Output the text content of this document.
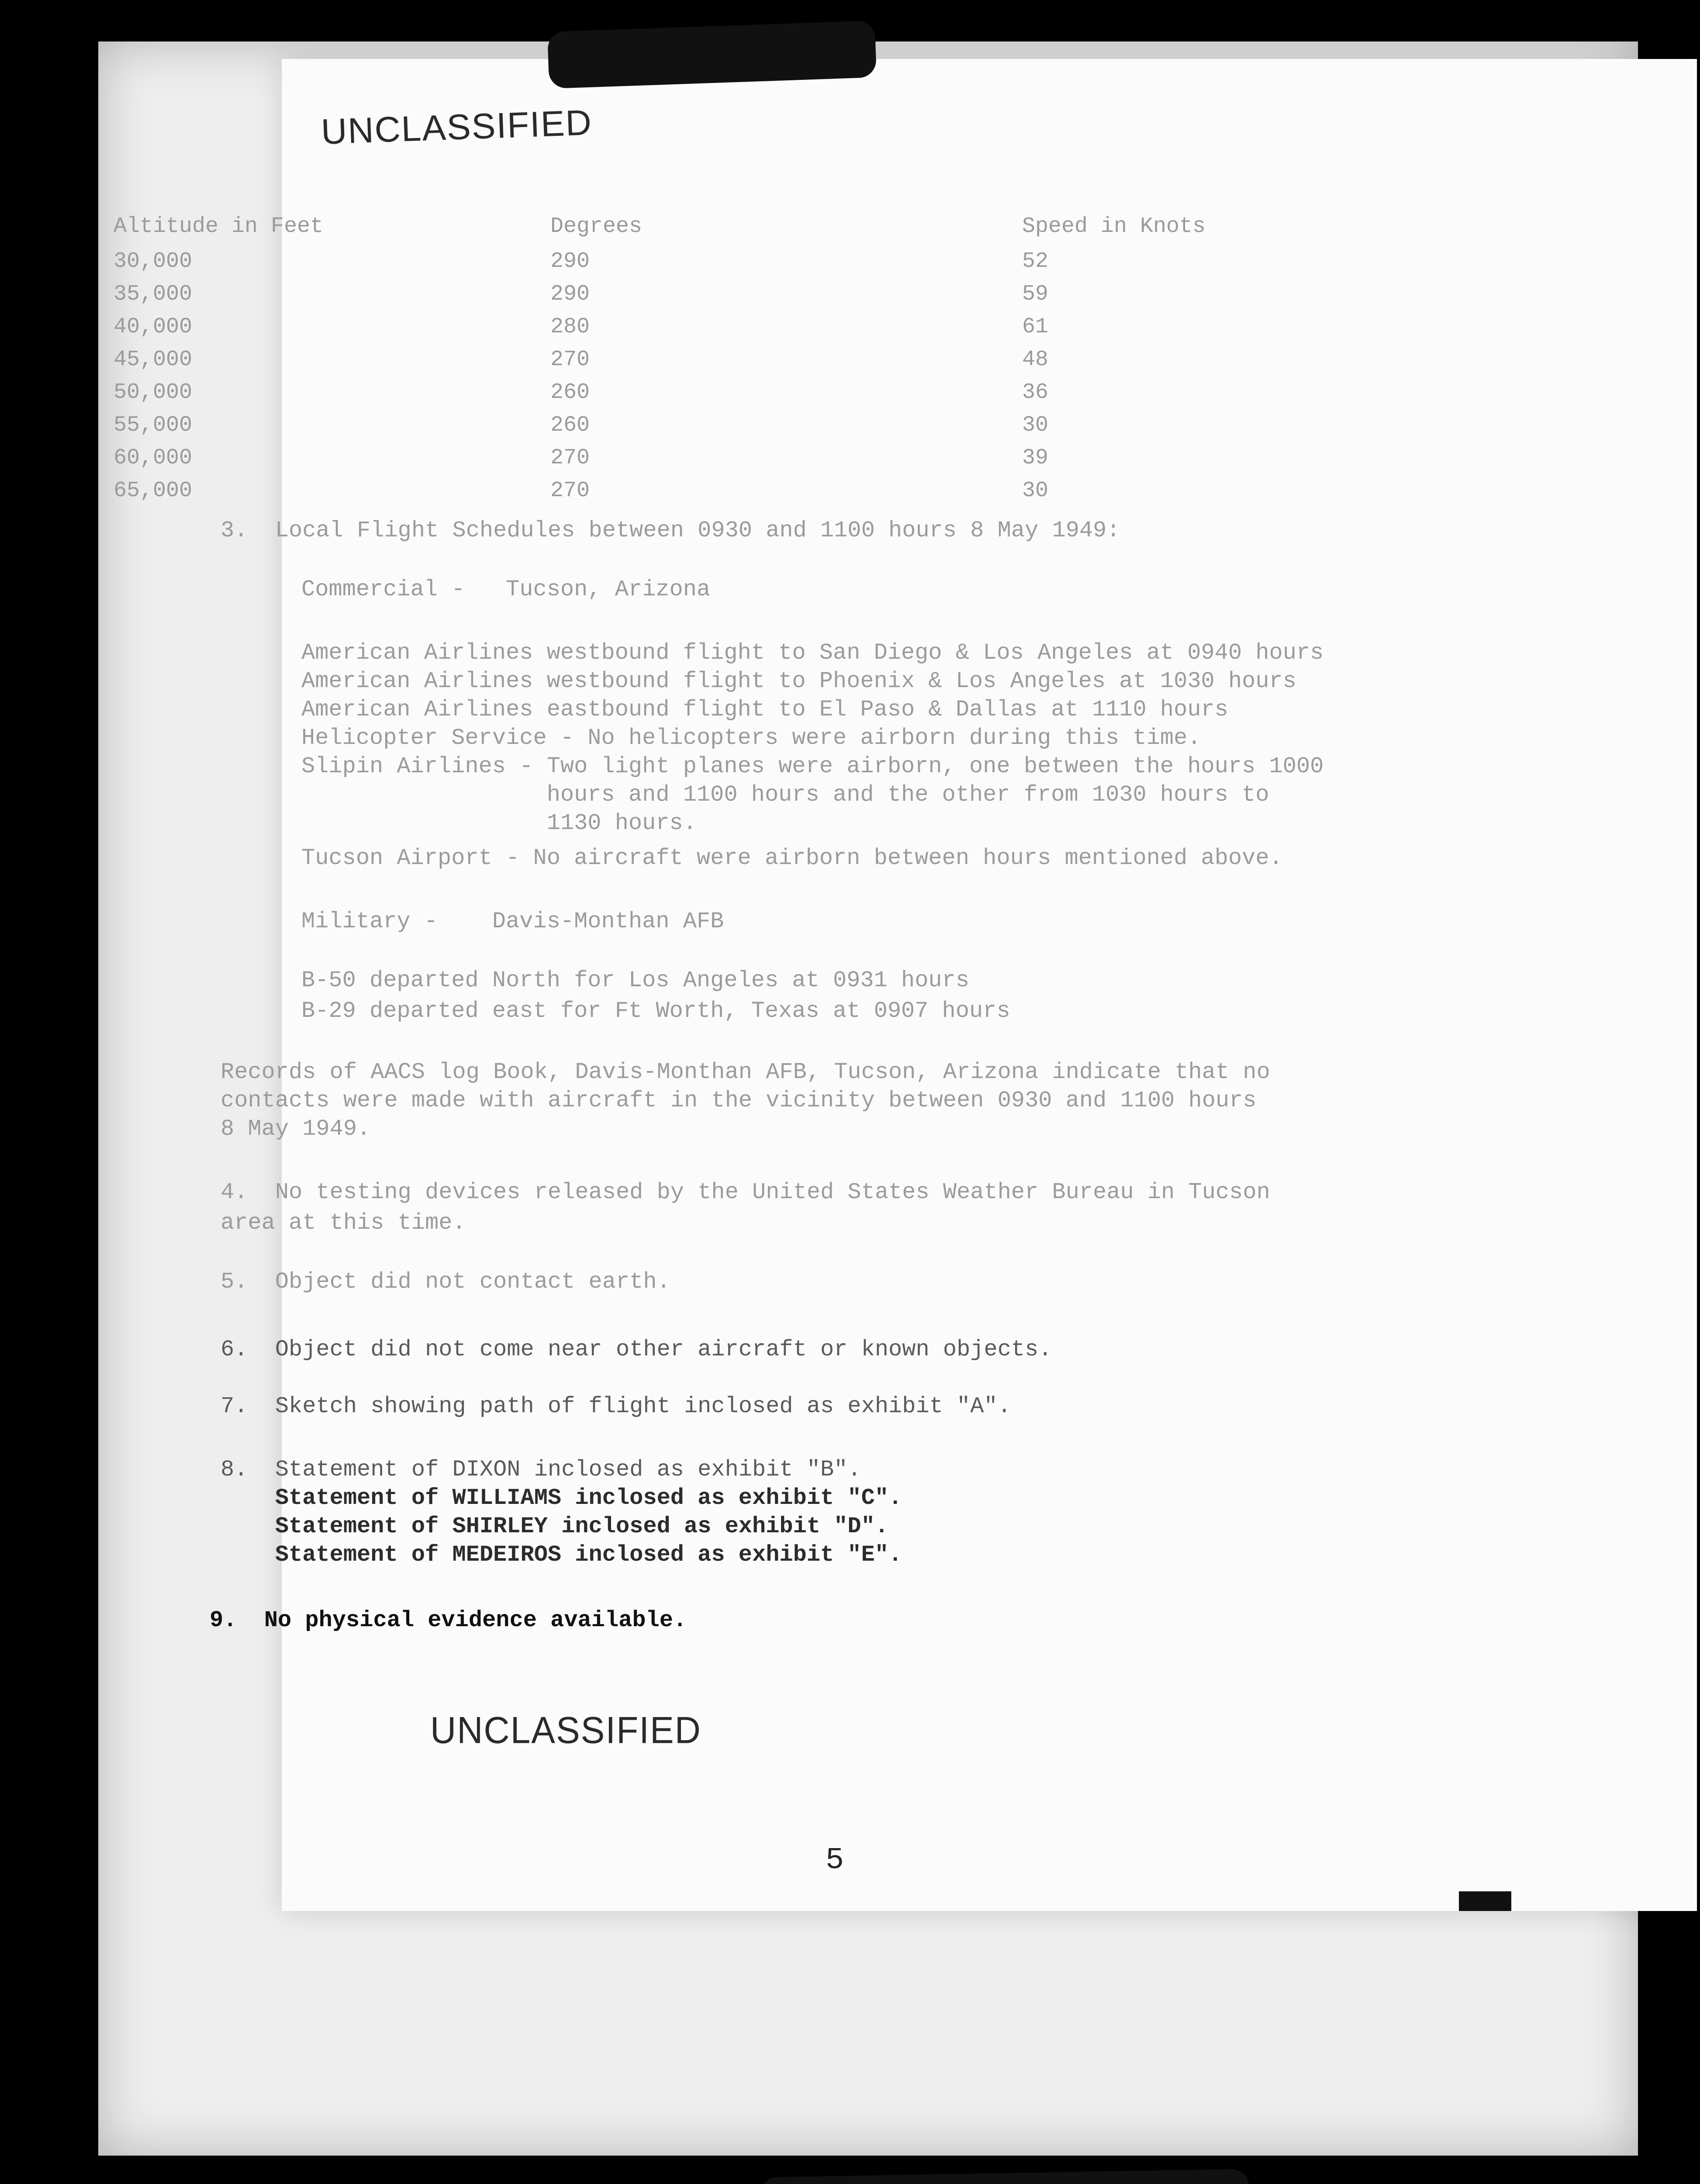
UNCLASSIFIED
Altitude in Feet	Degrees	Speed in Knots
30,000	290	52
35,000	290	59
40,000	280	61
45,000	270	48
50,000	260	36
55,000	260	30
60,000	270	39
65,000	270	30
3.  Local Flight Schedules between 0930 and 1100 hours 8 May 1949:
Commercial -   Tucson, Arizona
American Airlines westbound flight to San Diego & Los Angeles at 0940 hours
American Airlines westbound flight to Phoenix & Los Angeles at 1030 hours
American Airlines eastbound flight to El Paso & Dallas at 1110 hours
Helicopter Service - No helicopters were airborn during this time.
Slipin Airlines - Two light planes were airborn, one between the hours 1000
hours and 1100 hours and the other from 1030 hours to
1130 hours.
Tucson Airport - No aircraft were airborn between hours mentioned above.
Military -    Davis-Monthan AFB
B-50 departed North for Los Angeles at 0931 hours
B-29 departed east for Ft Worth, Texas at 0907 hours
Records of AACS log Book, Davis-Monthan AFB, Tucson, Arizona indicate that no
contacts were made with aircraft in the vicinity between 0930 and 1100 hours
8 May 1949.
4.  No testing devices released by the United States Weather Bureau in Tucson
area at this time.
5.  Object did not contact earth.
6.  Object did not come near other aircraft or known objects.
7.  Sketch showing path of flight inclosed as exhibit "A".
8.  Statement of DIXON inclosed as exhibit "B".
Statement of WILLIAMS inclosed as exhibit "C".
Statement of SHIRLEY inclosed as exhibit "D".
Statement of MEDEIROS inclosed as exhibit "E".
9.  No physical evidence available.
UNCLASSIFIED
5
